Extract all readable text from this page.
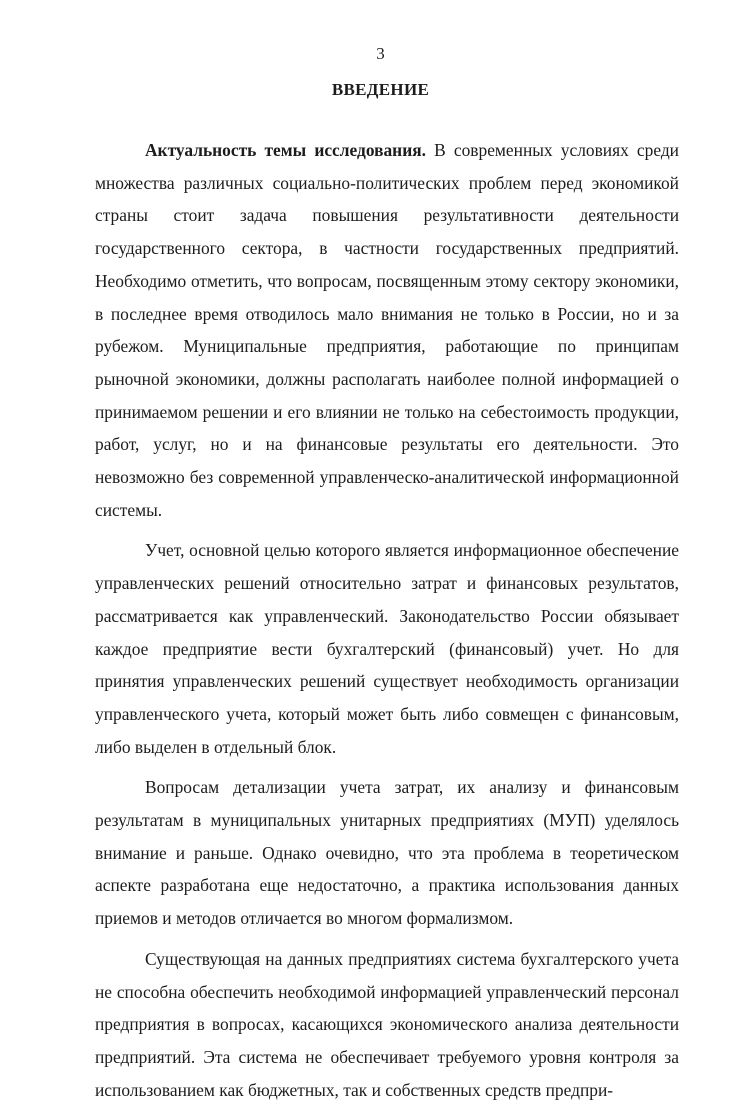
3
ВВЕДЕНИЕ

Актуальность темы исследования. В современных условиях среди множества различных социально-политических проблем перед экономикой страны стоит задача повышения результативности деятельности государственного сектора, в частности государственных предприятий. Необходимо отметить, что вопросам, посвященным этому сектору экономики, в последнее время отводилось мало внимания не только в России, но и за рубежом. Муниципальные предприятия, работающие по принципам рыночной экономики, должны располагать наиболее полной информацией о принимаемом решении и его влиянии не только на себестоимость продукции, работ, услуг, но и на финансовые результаты его деятельности. Это невозможно без современной управленческо-аналитической информационной системы.

Учет, основной целью которого является информационное обеспечение управленческих решений относительно затрат и финансовых результатов, рассматривается как управленческий. Законодательство России обязывает каждое предприятие вести бухгалтерский (финансовый) учет. Но для принятия управленческих решений существует необходимость организации управленческого учета, который может быть либо совмещен с финансовым, либо выделен в отдельный блок.

Вопросам детализации учета затрат, их анализу и финансовым результатам в муниципальных унитарных предприятиях (МУП) уделялось внимание и раньше. Однако очевидно, что эта проблема в теоретическом аспекте разработана еще недостаточно, а практика использования данных приемов и методов отличается во многом формализмом.

Существующая на данных предприятиях система бухгалтерского учета не способна обеспечить необходимой информацией управленческий персонал предприятия в вопросах, касающихся экономического анализа деятельности предприятий. Эта система не обеспечивает требуемого уровня контроля за использованием как бюджетных, так и собственных средств предпри-
